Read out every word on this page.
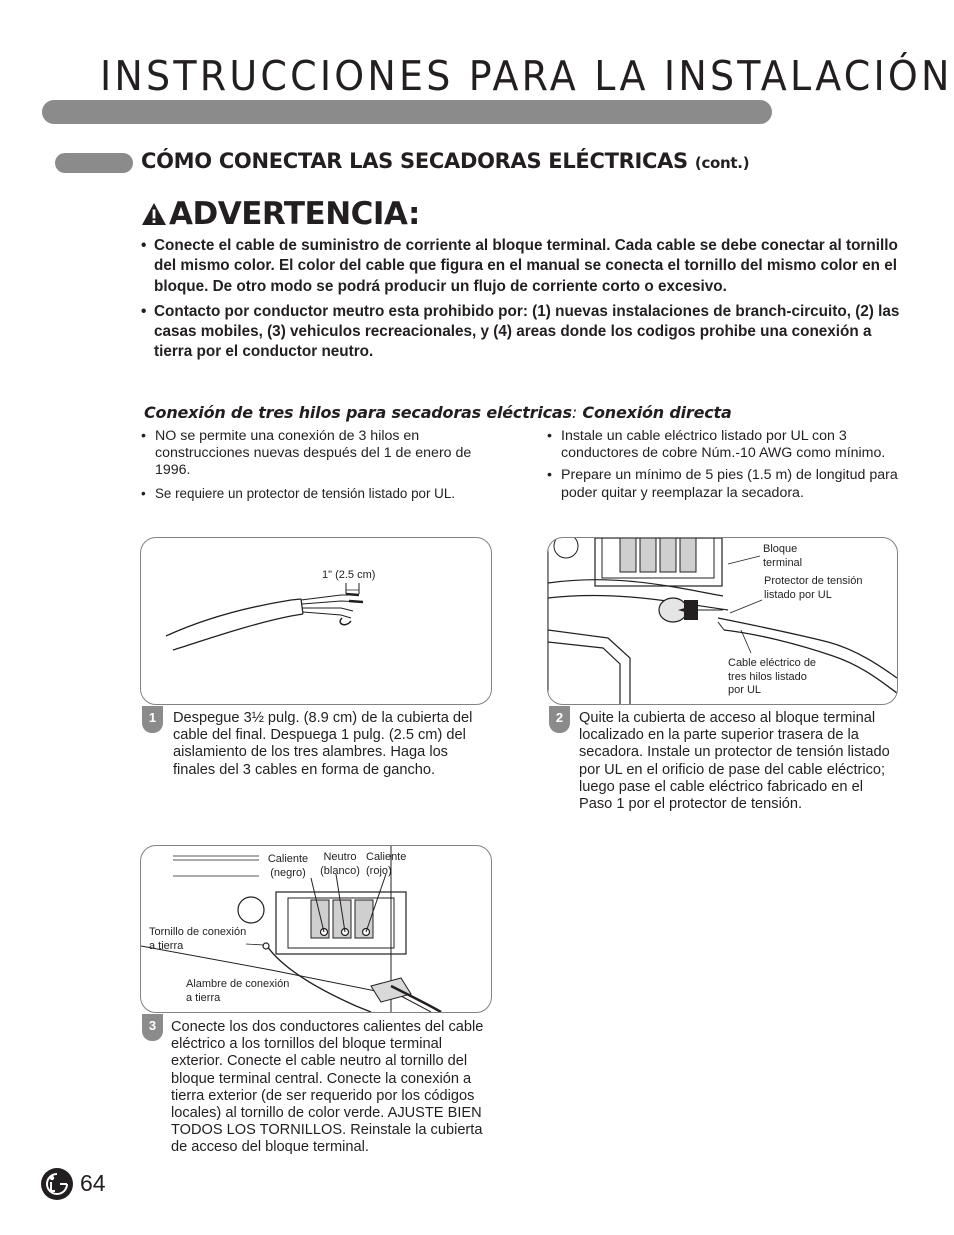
INSTRUCCIONES PARA LA INSTALACIÓN
CÓMO CONECTAR LAS SECADORAS ELÉCTRICAS (cont.)
ADVERTENCIA:
• Conecte el cable de suministro de corriente al bloque terminal. Cada cable se debe conectar al tornillo del mismo color. El color del cable que figura en el manual se conecta el tornillo del mismo color en el bloque. De otro modo se podrá producir un flujo de corriente corto o excesivo.
• Contacto por conductor meutro esta prohibido por: (1) nuevas instalaciones de branch-circuito, (2) las casas mobiles, (3) vehiculos recreacionales, y (4) areas donde los codigos prohibe una conexión a tierra por el conductor neutro.
Conexión de tres hilos para secadoras eléctricas: Conexión directa
• NO se permite una conexión de 3 hilos en construcciones nuevas después del 1 de enero de 1996.
• Se requiere un protector de tensión listado por UL.
• Instale un cable eléctrico listado por UL con 3 conductores de cobre Núm.-10 AWG como mínimo.
• Prepare un mínimo de 5 pies (1.5 m) de longitud para poder quitar y reemplazar la secadora.
1" (2.5 cm)
1	Despegue 3½ pulg. (8.9 cm) de la cubierta del cable del final. Despuega 1 pulg. (2.5 cm) del aislamiento de los tres alambres. Haga los finales del 3 cables en forma de gancho.
Bloque terminal
Protector de tensión listado por UL
Cable eléctrico de tres hilos listado por UL
2	Quite la cubierta de acceso al bloque terminal localizado en la parte superior trasera de la secadora. Instale un protector de tensión listado por UL en el orificio de pase del cable eléctrico; luego pase el cable eléctrico fabricado en el Paso 1 por el protector de tensión.
Caliente (negro)
Neutro (blanco)
Caliente (rojo)
Tornillo de conexión a tierra
Alambre de conexión a tierra
3	Conecte los dos conductores calientes del cable eléctrico a los tornillos del bloque terminal exterior. Conecte el cable neutro al tornillo del bloque terminal central. Conecte la conexión a tierra exterior (de ser requerido por los códigos locales) al tornillo de color verde. AJUSTE BIEN TODOS LOS TORNILLOS. Reinstale la cubierta de acceso del bloque terminal.
64
